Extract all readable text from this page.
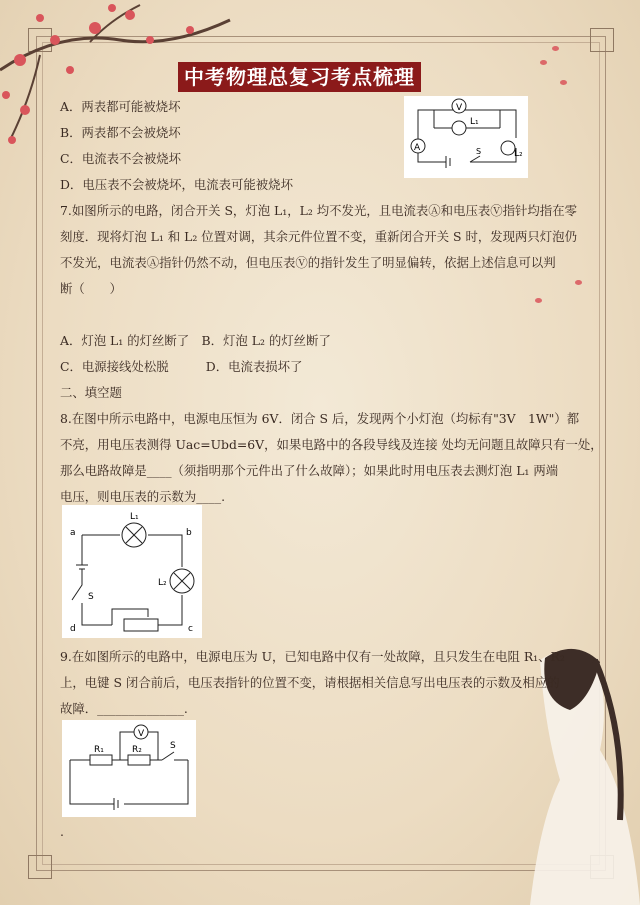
中考物理总复习考点梳理
A．两表都可能被烧坏
B．两表都不会被烧坏
C．电流表不会被烧坏
D．电压表不会被烧坏，电流表可能被烧坏
V
A
L₁
L₂
S
7.如图所示的电路，闭合开关 S，灯泡 L₁，L₂ 均不发光，且电流表Ⓐ和电压表Ⓥ指针均指在零
刻度．现将灯泡 L₁ 和 L₂ 位置对调，其余元件位置不变，重新闭合开关 S 时，发现两只灯泡仍
不发光，电流表Ⓐ指针仍然不动，但电压表Ⓥ的指针发生了明显偏转，依据上述信息可以判
断（　　）
A．灯泡 L₁ 的灯丝断了　B．灯泡 L₂ 的灯丝断了
C．电源接线处松脱　　　D．电流表损坏了
二、填空题
8.在图中所示电路中，电源电压恒为 6V．闭合 S 后，发现两个小灯泡（均标有"3V　1W"）都
不亮，用电压表测得 Uac=Ubd=6V，如果电路中的各段导线及连接 处均无问题且故障只有一处，
那么电路故障是____（须指明那个元件出了什么故障）；如果此时用电压表去测灯泡 L₁ 两端
电压，则电压表的示数为____.
a	b
c
d
L₁
L₂
S
9.在如图所示的电路中，电源电压为 U，已知电路中仅有一处故障，且只发生在电阻 R₁、R₂
上，电键 S 闭合前后，电压表指针的位置不变，请根据相关信息写出电压表的示数及相应的
故障．______________.
V
R₁	R₂	S
.
